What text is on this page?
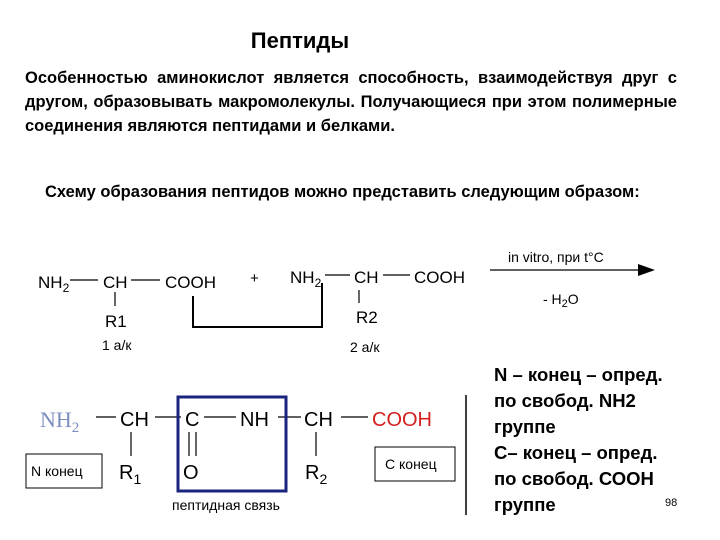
Пептиды
Особенностью аминокислот является способность, взаимодействуя друг с другом, образовывать макромолекулы. Получающиеся при этом полимерные соединения являются пептидами и белками.
Схему образования пептидов можно представить следующим образом:
$NH_2$ CH COOH
R1
1 а/к
+ $NH_2$ CH COOH
R2
2 а/к
in vitro, при t°C
- $H_2O$
$NH_2$ CH C NH CH COOH
O
$R_1$	$R_2$
пептидная связь
N конец	С конец
N – конец – опред.
по свобод. NH2
группе
С– конец – опред.
по свобод. СООН
группе	98
